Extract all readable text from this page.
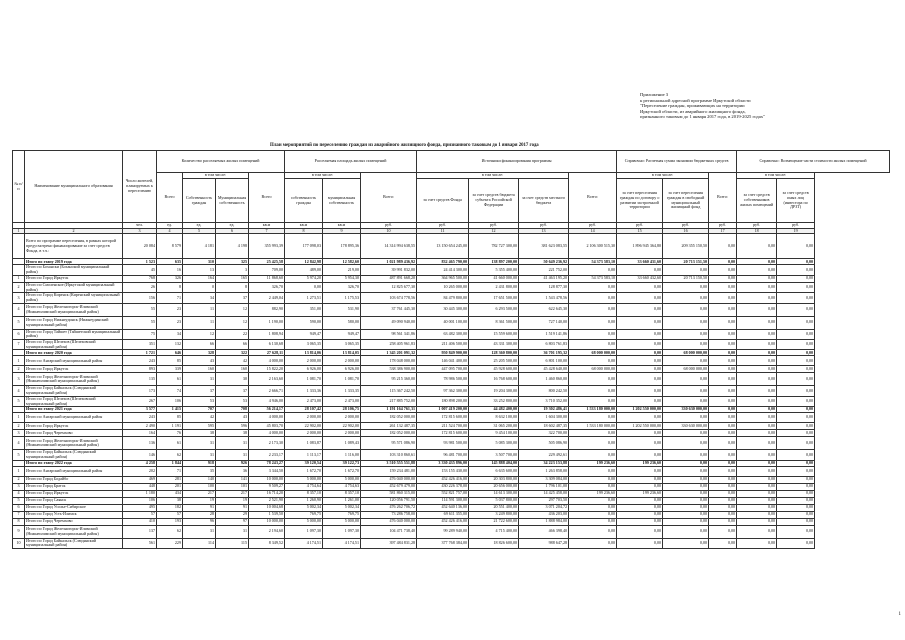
Приложение 3
к региональной адресной программе Иркутской области
"Переселение граждан, проживающих на территории
Иркутской области, из аварийного жилищного фонда,
признанного таковым до 1 января 2017 года, в 2019-2025 годах"
План мероприятий по переселению граждан из аварийного жилищного фонда, признанного таковым до 1 января 2017 года
№ п/п	Наименование муниципального образования	Число жителей, планируемых к переселению	Количество расселяемых жилых помещений				Расселяемая площадь жилых помещений			Источники финансирования программы				Справочно: Расчетная сумма экономии бюджетных средств			Справочно: Возмещение части стоимости жилых помещений	
			Всего	в том числе:		Всего	в том числе:		Всего:	в том числе:			Всего:	в том числе:		Всего:	в том числе:	
				Собственность граждан	Муниципальная собственность		собственность граждан	муниципальная собственность		за счет средств Фонда	за счет средств бюджета субъекта Российской Федерации	за счет средств местного бюджета		за счет переселения граждан по договору о развитии застроенной территории	за счет переселения граждан в свободный муниципальный жилищный фонд		за счет средств собственников жилых помещений	за счет средств иных лиц (инвестора по ДРЗТ)
		чел.	ед.	ед.	ед.	кв.м	кв.м	кв.м	руб.	руб.	руб.	руб.	руб.	руб.	руб.	руб.	руб.	руб.
1	2	3	4	5	6	7	8	9	10	11	12	13	14	15	16	17	18	19
	Всего по программе переселения, в рамках которой предусмотрено финансирование за счет средств Фонда, в т.ч.:	20 084	8 579	4 181	4 198	355 993,39	177 098,03	178 895,36	14 314 994 638,55	13 150 654 245,00	782 727 300,00	381 623 083,55	2 106 300 515,30	1 896 945 364,80	209 355 150,50	0,00	0,00	0,00
	Итого по этапу 2019 года	1 523	635	310	325	25 425,58	12 842,98	12 582,60	1 021 989 436,92	832 465 790,00	138 897 200,00	50 649 236,92	54 373 583,10	33 660 431,60	20 713 151,50	0,00	0,00	0,00
	Итого по Бохански (Боханский муниципальный район)	45	16	13	3	709,00	489,00	219,00	39 991 832,00	24 414 300,00	5 355 400,00	221 752,00	0,00	0,00	0,00	0,00	0,00	0,00
1	Итого по Город Иркутск	768	326	164	165	11 868,60	5 974,20	5 954,30	487 891 668,20	364 965 500,00	41 660 000,00	41 463 195,20	54 373 583,10	33 660 432,60	20 713 150,50	0,00	0,00	0,00
2	Итого по Смоленское (Иркутский муниципальный район)	26	8	0	8	326,70	0,00	326,70	12 825 677,30	10 265 000,00	2 431 800,00	128 877,30	0,00	0,00	0,00	0,00	0,00	0,00
3	Итого по Город Киренск (Киренский муниципальный район)	156	71	34	37	2 449,04	1 273,51	1 175,53	103 674 778,56	84 479 800,00	17 651 500,00	1 543 478,56	0,00	0,00	0,00	0,00	0,00	0,00
4	Итого по Город Железногорск-Илимский (Нижнеилимский муниципальный район)	55	23	11	12	882,90	351,00	531,90	37 761 445,30	30 445 300,00	6 293 500,00	622 645,30	0,00	0,00	0,00	0,00	0,00	0,00
5	Итого по Город Нижнеудинск (Нижнеудинский муниципальный район)	55	23	11	12	1 190,00	590,00	580,00	49 090 940,00	40 001 100,00	8 361 500,00	727 140,00	0,00	0,00	0,00	0,00	0,00	0,00
6	Итого по Город Тайшет (Тайшетский муниципальный район)	75	34	12	22	1 808,94	949,47	949,47	98 561 341,86	63 482 300,00	15 559 600,00	1 519 141,86	0,00	0,00	0,00	0,00	0,00	0,00
7	Итого по Город Шелехов (Шелеховский муниципальный район)	351	132	66	66	6 130,68	3 065,35	3 065,35	258 405 961,83	211 406 500,00	43 331 300,00	6 803 761,83	0,00	0,00	0,00	0,00	0,00	0,00
	Итого по этапу 2020 года	1 721	646	328	322	27 628,11	13 814,06	13 814,05	1 345 201 091,32	950 849 900,00	128 360 800,00	36 701 195,32	68 000 000,00	0,00	68 000 000,00	0,00	0,00	0,00
1	Итого по Ангарский муниципальный район	243	85	43	42	4 000,00	2 000,00	2 000,00	178 048 000,00	146 041 400,00	25 205 500,00	6 801 100,00	0,00	0,00	0,00	0,00	0,00	0,00
2	Итого по Город Иркутск	893	339	160	160	15 822,20	6 926,00	6 926,00	538 386 900,00	447 095 700,00	45 928 600,00	45 428 640,00	68 000 000,00	0,00	68 000 000,00	0,00	0,00	0,00
3	Итого по Город Железногорск-Илимский (Нижнеилимский муниципальный район)	135	61	31	30	2 163,60	1 081,70	1 081,70	95 215 360,00	78 986 500,00	16 768 600,00	1 460 860,00	0,00	0,00	0,00	0,00	0,00	0,00
4	Итого по Город Байкальск (Слюдянский муниципальный район)	173	74	37	37	2 666,71	1 333,36	1 333,35	115 367 242,50	97 362 300,00	19 204 300,00	800 242,50	0,00	0,00	0,00	0,00	0,00	0,00
5	Итого по Город Шелехов (Шелеховский муниципальный район)	267	106	53	53	4 946,00	2 473,00	2 473,00	217 885 752,00	180 898 200,00	33 252 800,00	3 710 352,00	0,00	0,00	0,00	0,00	0,00	0,00
	Итого по этапу 2021 года	3 577	1 415	707	708	56 214,17	28 107,42	28 106,75	1 191 164 761,31	1 007 419 200,00	44 482 400,00	19 302 486,41	1 533 180 000,00	1 202 550 000,00	330 630 000,00	0,00	0,00	0,00
1	Итого по Ангарский муниципальный район	243	85	42	43	4 000,00	2 000,00	2 000,00	182 052 000,00	172 815 600,00	8 632 100,00	1 604 300,00	0,00	0,00	0,00	0,00	0,00	0,00
2	Итого по Город Иркутск	2 490	1 191	595	596	45 803,70	22 902,00	22 902,00	261 132 487,35	211 524 700,00	31 065 200,00	18 602 487,35	1 533 180 000,00	1 202 550 000,00	330 630 000,00	0,00	0,00	0,00
3	Итого по Город Черемхово	164	76	38	38	4 000,00	2 000,00	2 000,00	182 052 000,00	172 815 600,00	9 454 100,00	322 700,00	0,00	0,00	0,00	0,00	0,00	0,00
4	Итого по Город Железногорск-Илимский (Нижнеилимский муниципальный район)	136	61	31	31	2 173,30	1 083,87	1 089,43	95 571 086,90	93 981 500,00	5 085 300,00	505 086,90	0,00	0,00	0,00	0,00	0,00	0,00
5	Итого по Город Байкальск (Слюдянский муниципальный район)	146	62	31	31	2 233,17	1 113,17	1 116,00	103 310 860,61	96 481 700,00	3 507 700,00	229 492,61	0,00	0,00	0,00	0,00	0,00	0,00
	Итого по этапу 2022 года	4 258	1 844	918	926	78 243,27	39 120,54	39 122,73	3 510 555 551,88	3 330 435 896,00	145 888 404,00	34 223 153,88	199 236,60	199 236,60	0,00	0,00	0,00	0,00
1	Итого по Ангарский муниципальный район	202	71	35	36	3 344,50	1 672,70	1 672,70	159 234 481,00	153 155 430,00	6 635 600,00	1 263 858,00	0,00	0,00	0,00	0,00	0,00	0,00
2	Итого по Город Бодайбо	469	281	140	141	10 000,00	5 000,00	5 000,00	476 040 000,00	452 426 416,00	20 303 800,00	3 309 084,00	0,00	0,00	0,00	0,00	0,00	0,00
3	Итого по Город Братск	448	201	100	101	9 509,27	4 754,64	4 754,63	452 679 479,00	430 226 378,00	20 656 000,00	1 796 101,00	0,00	0,00	0,00	0,00	0,00	0,00
4	Итого по Город Иркутск	1 180	434	217	217	16 714,20	8 357,10	8 357,10	581 860 315,00	552 821 757,00	14 613 300,00	14 425 458,00	199 236,60	199 236,60	0,00	0,00	0,00	0,00
5	Итого по Город Саянск	106	38	19	19	2 521,90	1 260,90	1 261,00	120 056 791,50	114 591 300,00	5 037 800,00	297 703,50	0,00	0,00	0,00	0,00	0,00	0,00
6	Итого по Город Усолье-Сибирское	495	182	91	91	10 004,68	5 002,34	5 002,34	476 262 706,72	452 640 136,00	20 551 400,00	3 071 204,72	0,00	0,00	0,00	0,00	0,00	0,00
7	Итого по Город Усть-Илимск	57	57	28	29	1 539,50	769,75	769,75	73 286 758,00	69 611 355,00	3 249 800,00	436 203,00	0,00	0,00	0,00	0,00	0,00	0,00
8	Итого по Город Черемхово	410	193	96	97	10 000,00	5 000,00	5 000,00	476 040 000,00	452 426 416,00	21 722 600,00	1 888 984,00	0,00	0,00	0,00	0,00	0,00	0,00
9	Итого по Город Железногорск-Илимский (Нижнеилимский муниципальный район)	137	62	31	31	2 194,60	1 097,30	1 097,30	104 471 738,40	99 289 940,00	4 715 400,00	466 398,40	0,00	0,00	0,00	0,00	0,00	0,00
10	Итого по Город Байкальск (Слюдянский муниципальный район)	561	229	114	115	8 349,52	4 174,51	4 174,51	397 484 831,28	377 768 384,00	18 826 600,00	988 647,28	0,00	0,00	0,00	0,00	0,00	0,00
1
